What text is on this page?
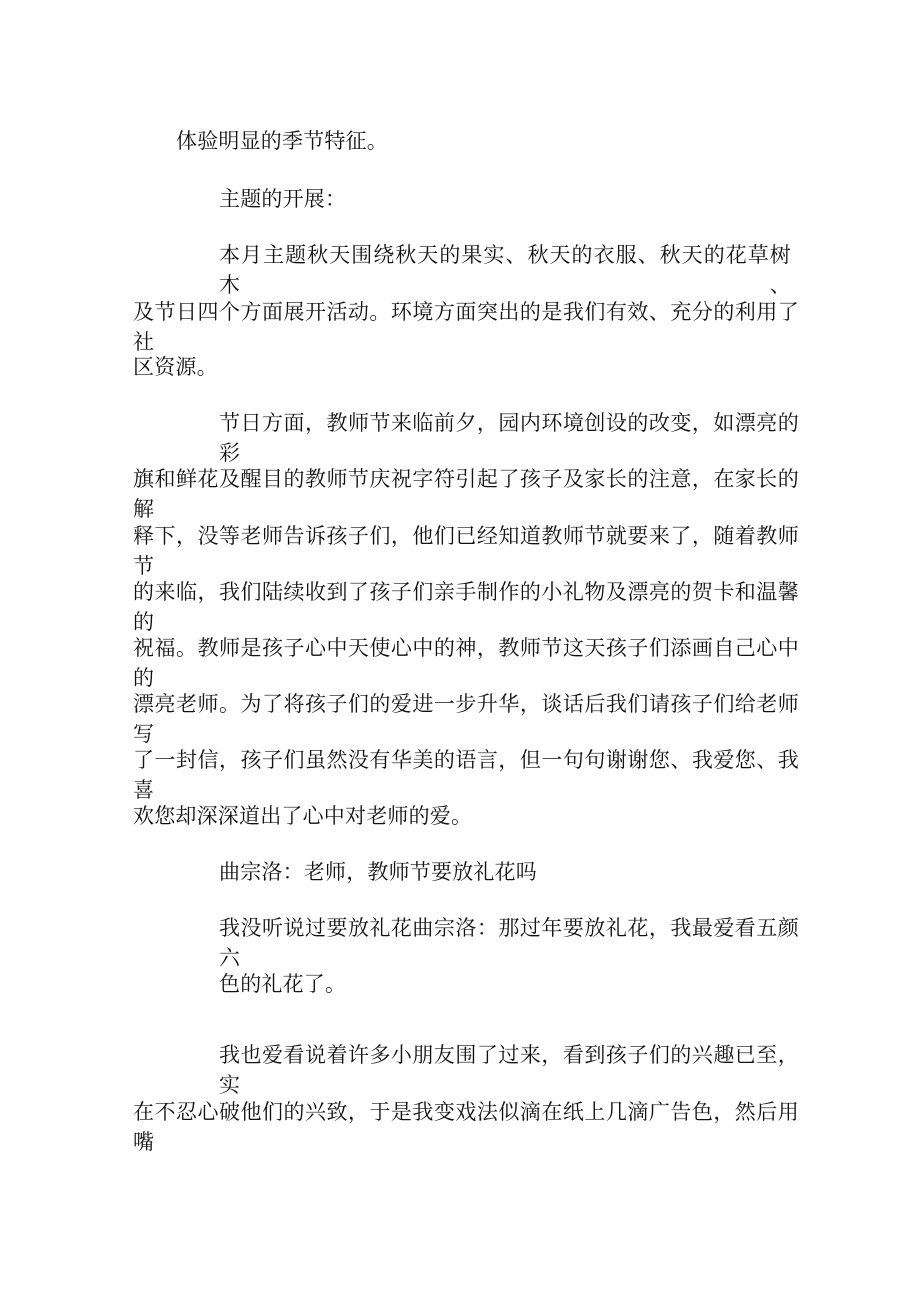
体验明显的季节特征。
主题的开展：
本月主题秋天围绕秋天的果实、秋天的衣服、秋天的花草树木、
及节日四个方面展开活动。环境方面突出的是我们有效、充分的利用了社
区资源。
节日方面，教师节来临前夕，园内环境创设的改变，如漂亮的彩
旗和鲜花及醒目的教师节庆祝字符引起了孩子及家长的注意，在家长的解
释下，没等老师告诉孩子们，他们已经知道教师节就要来了，随着教师节
的来临，我们陆续收到了孩子们亲手制作的小礼物及漂亮的贺卡和温馨的
祝福。教师是孩子心中天使心中的神，教师节这天孩子们添画自己心中的
漂亮老师。为了将孩子们的爱进一步升华，谈话后我们请孩子们给老师写
了一封信，孩子们虽然没有华美的语言，但一句句谢谢您、我爱您、我喜
欢您却深深道出了心中对老师的爱。
曲宗洛：老师，教师节要放礼花吗
我没听说过要放礼花曲宗洛：那过年要放礼花，我最爱看五颜六
色的礼花了。
我也爱看说着许多小朋友围了过来，看到孩子们的兴趣已至，实
在不忍心破他们的兴致，于是我变戏法似滴在纸上几滴广告色，然后用嘴
